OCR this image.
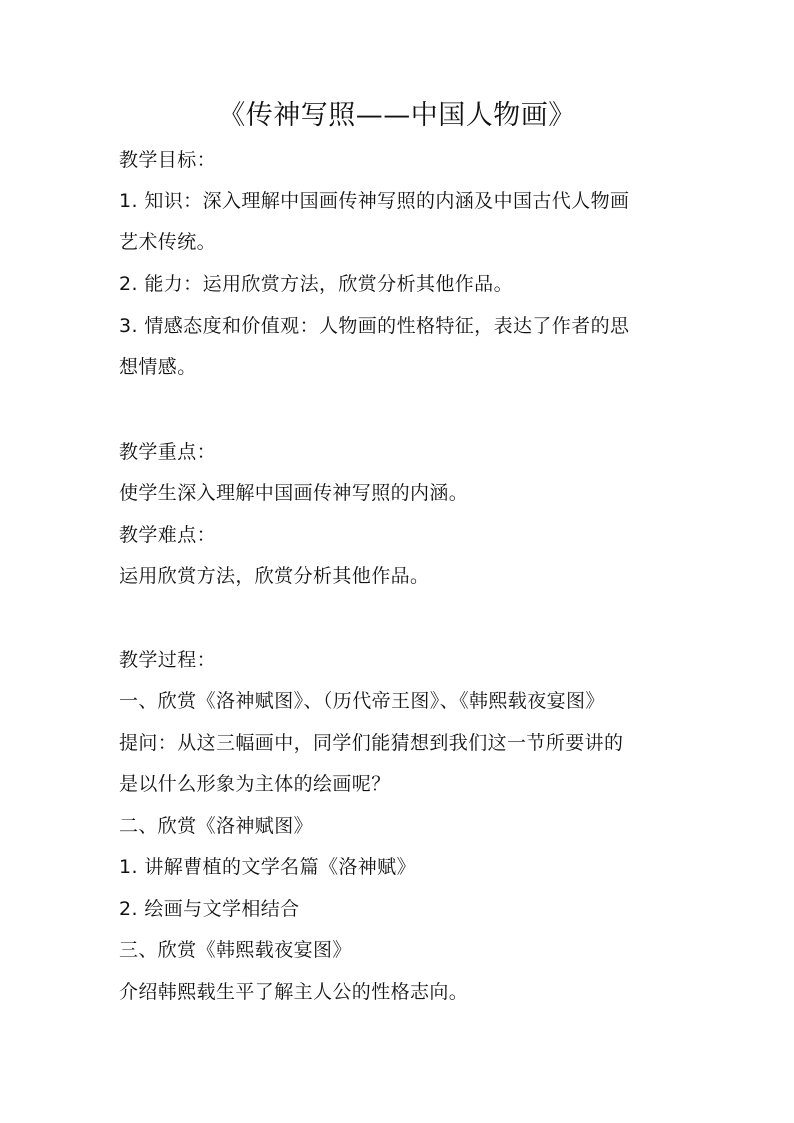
《传神写照——中国人物画》
教学目标：
1. 知识：深入理解中国画传神写照的内涵及中国古代人物画
艺术传统。
2. 能力：运用欣赏方法，欣赏分析其他作品。
3. 情感态度和价值观：人物画的性格特征，表达了作者的思
想情感。
教学重点：
使学生深入理解中国画传神写照的内涵。
教学难点：
运用欣赏方法，欣赏分析其他作品。
教学过程：
一、欣赏《洛神赋图》、（历代帝王图》、《韩熙载夜宴图》
提问：从这三幅画中，同学们能猜想到我们这一节所要讲的
是以什么形象为主体的绘画呢？
二、欣赏《洛神赋图》
1. 讲解曹植的文学名篇《洛神赋》
2. 绘画与文学相结合
三、欣赏《韩熙载夜宴图》
介绍韩熙载生平了解主人公的性格志向。
